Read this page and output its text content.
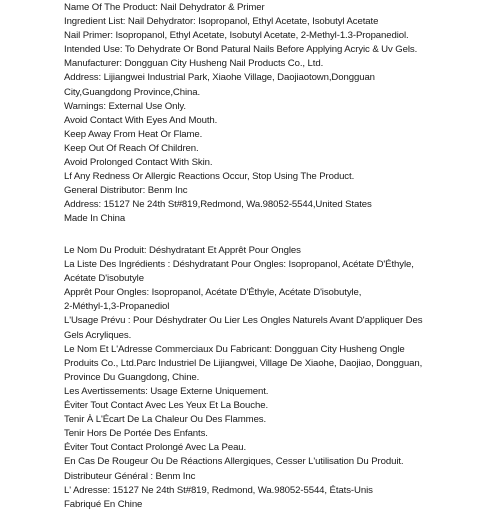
Name Of The Product: Nail Dehydrator & Primer
Ingredient List: Nail Dehydrator: Isopropanol, Ethyl Acetate, Isobutyl Acetate
Nail Primer: Isopropanol, Ethyl Acetate, Isobutyl Acetate, 2-Methyl-1.3-Propanediol.
Intended Use: To Dehydrate Or Bond Patural Nails Before Applying Acryic & Uv Gels.
Manufacturer: Dongguan City Husheng Nail Products Co., Ltd.
Address: Lijiangwei Industrial Park, Xiaohe Village, Daojiaotown,Dongguan
City,Guangdong Province,China.
Warnings: External Use Only.
Avoid Contact With Eyes And Mouth.
Keep Away From Heat Or Flame.
Keep Out Of Reach Of Children.
Avoid Prolonged Contact With Skin.
Lf Any Redness Or Allergic Reactions Occur, Stop Using The Product.
General Distributor: Benm Inc
Address: 15127 Ne 24th St#819,Redmond, Wa.98052-5544,United States
Made In China
Le Nom Du Produit: Déshydratant Et Apprêt Pour Ongles
La Liste Des Ingrédients : Déshydratant Pour Ongles: Isopropanol, Acétate D'Éthyle,
Acétate D'isobutyle
Apprêt Pour Ongles: Isopropanol, Acétate D'Éthyle, Acétate D'isobutyle,
2-Méthyl-1,3-Propanediol
L'Usage Prévu : Pour Déshydrater Ou Lier Les Ongles Naturels Avant D'appliquer Des
Gels Acryliques.
Le Nom Et L'Adresse Commerciaux Du Fabricant: Dongguan City Husheng Ongle
Produits Co., Ltd.Parc Industriel De Lijiangwei, Village De Xiaohe, Daojiao, Dongguan,
Province Du Guangdong, Chine.
Les Avertissements: Usage Externe Uniquement.
Éviter Tout Contact Avec Les Yeux Et La Bouche.
Tenir À L'Écart De La Chaleur Ou Des Flammes.
Tenir Hors De Portée Des Enfants.
Éviter Tout Contact Prolongé Avec La Peau.
En Cas De Rougeur Ou De Réactions Allergiques, Cesser L'utilisation Du Produit.
Distributeur Général : Benm Inc
L' Adresse: 15127 Ne 24th St#819, Redmond, Wa.98052-5544, États-Unis
Fabriqué En Chine
